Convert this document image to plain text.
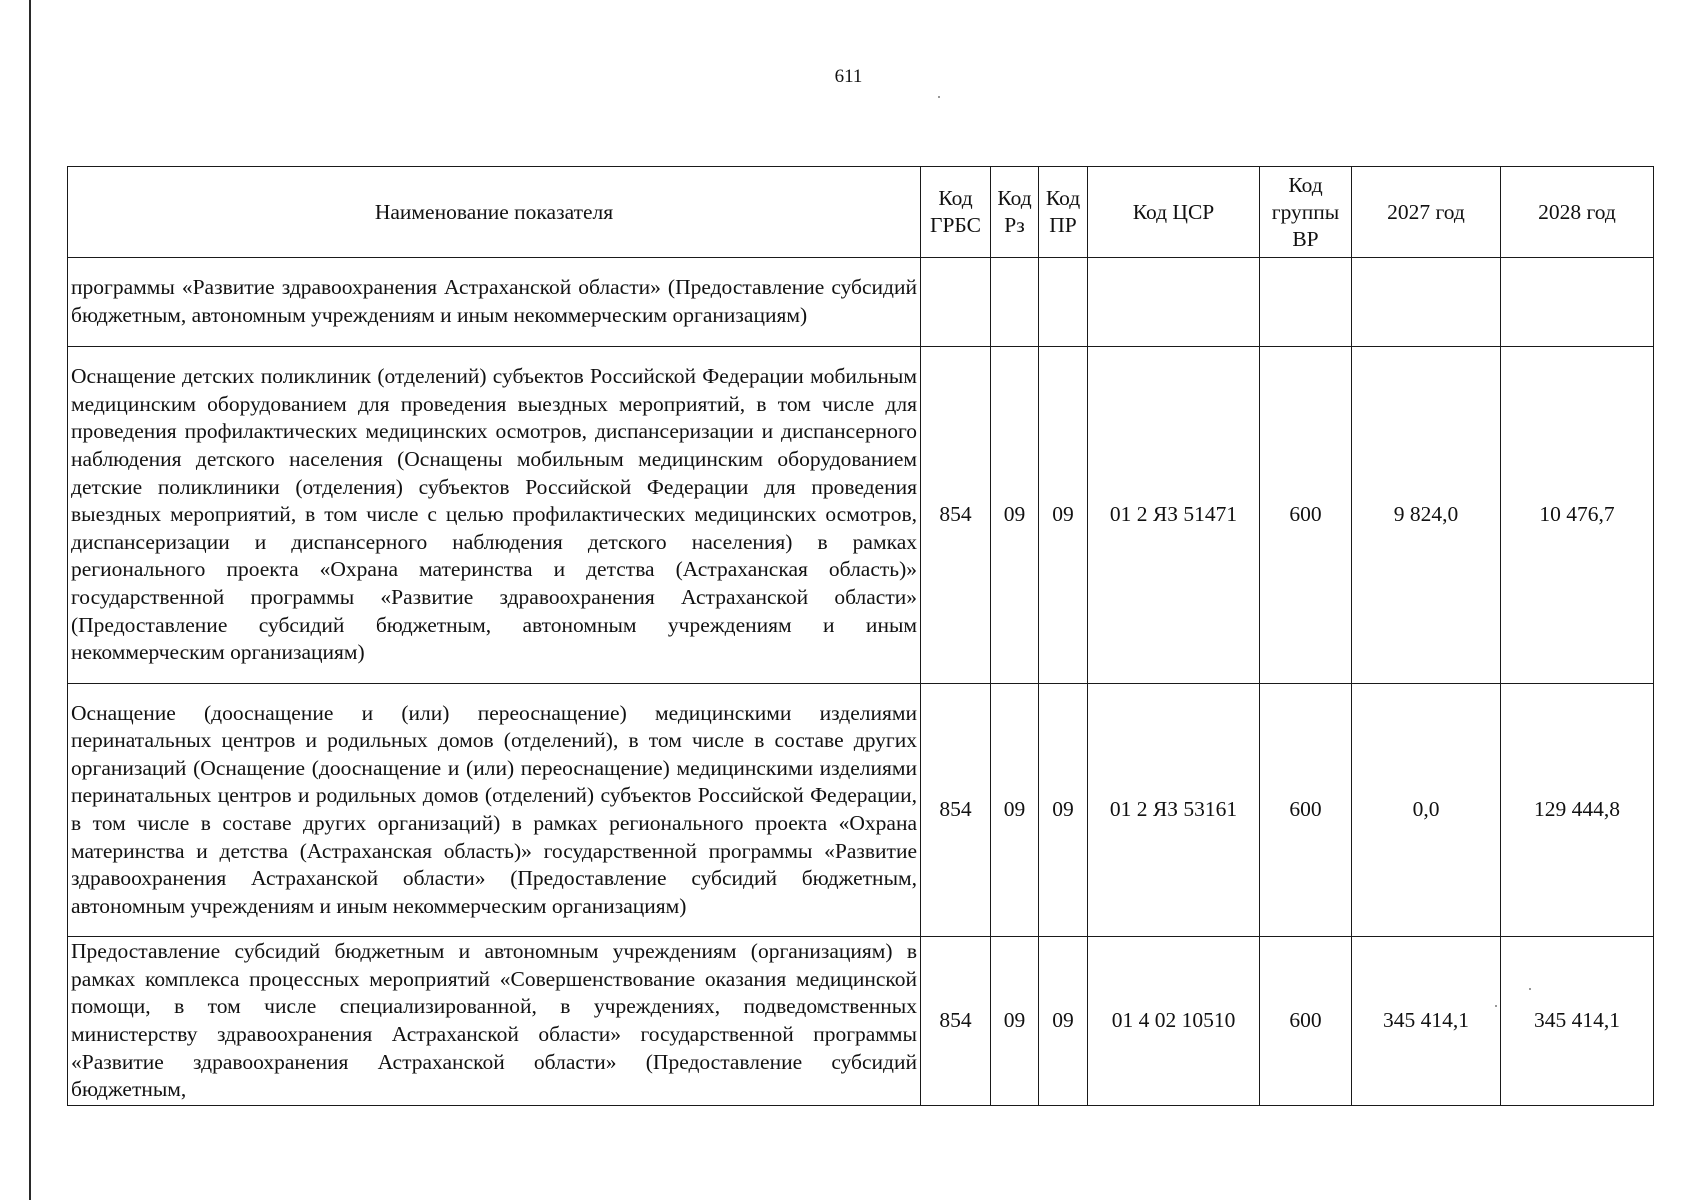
611
Наименование показателя	Код ГРБС	Код Рз	Код ПР	Код ЦСР	Код группы ВР	2027 год	2028 год
программы «Развитие здравоохранения Астраханской области» (Предоставление субсидий бюджетным, автономным учреждениям и иным некоммерческим организациям)							
Оснащение детских поликлиник (отделений) субъектов Российской Федерации мобильным медицинским оборудованием для проведения выездных мероприятий, в том числе для проведения профилактических медицинских осмотров, диспансеризации и диспансерного наблюдения детского населения (Оснащены мобильным медицинским оборудованием детские поликлиники (отделения) субъектов Российской Федерации для проведения выездных мероприятий, в том числе с целью профилактических медицинских осмотров, диспансеризации и диспансерного наблюдения детского населения) в рамках регионального проекта «Охрана материнства и детства (Астраханская область)» государственной программы «Развитие здравоохранения Астраханской области» (Предоставление субсидий бюджетным, автономным учреждениям и иным некоммерческим организациям)	854	09	09	01 2 ЯЗ 51471	600	9 824,0	10 476,7
Оснащение (дооснащение и (или) переоснащение) медицинскими изделиями перинатальных центров и родильных домов (отделений), в том числе в составе других организаций (Оснащение (дооснащение и (или) переоснащение) медицинскими изделиями перинатальных центров и родильных домов (отделений) субъектов Российской Федерации, в том числе в составе других организаций) в рамках регионального проекта «Охрана материнства и детства (Астраханская область)» государственной программы «Развитие здравоохранения Астраханской области» (Предоставление субсидий бюджетным, автономным учреждениям и иным некоммерческим организациям)	854	09	09	01 2 ЯЗ 53161	600	0,0	129 444,8
Предоставление субсидий бюджетным и автономным учреждениям (организациям) в рамках комплекса процессных мероприятий «Совершенствование оказания медицинской помощи, в том числе специализированной, в учреждениях, подведомственных министерству здравоохранения Астраханской области» государственной программы «Развитие здравоохранения Астраханской области» (Предоставление субсидий бюджетным,	854	09	09	01 4 02 10510	600	345 414,1	345 414,1
